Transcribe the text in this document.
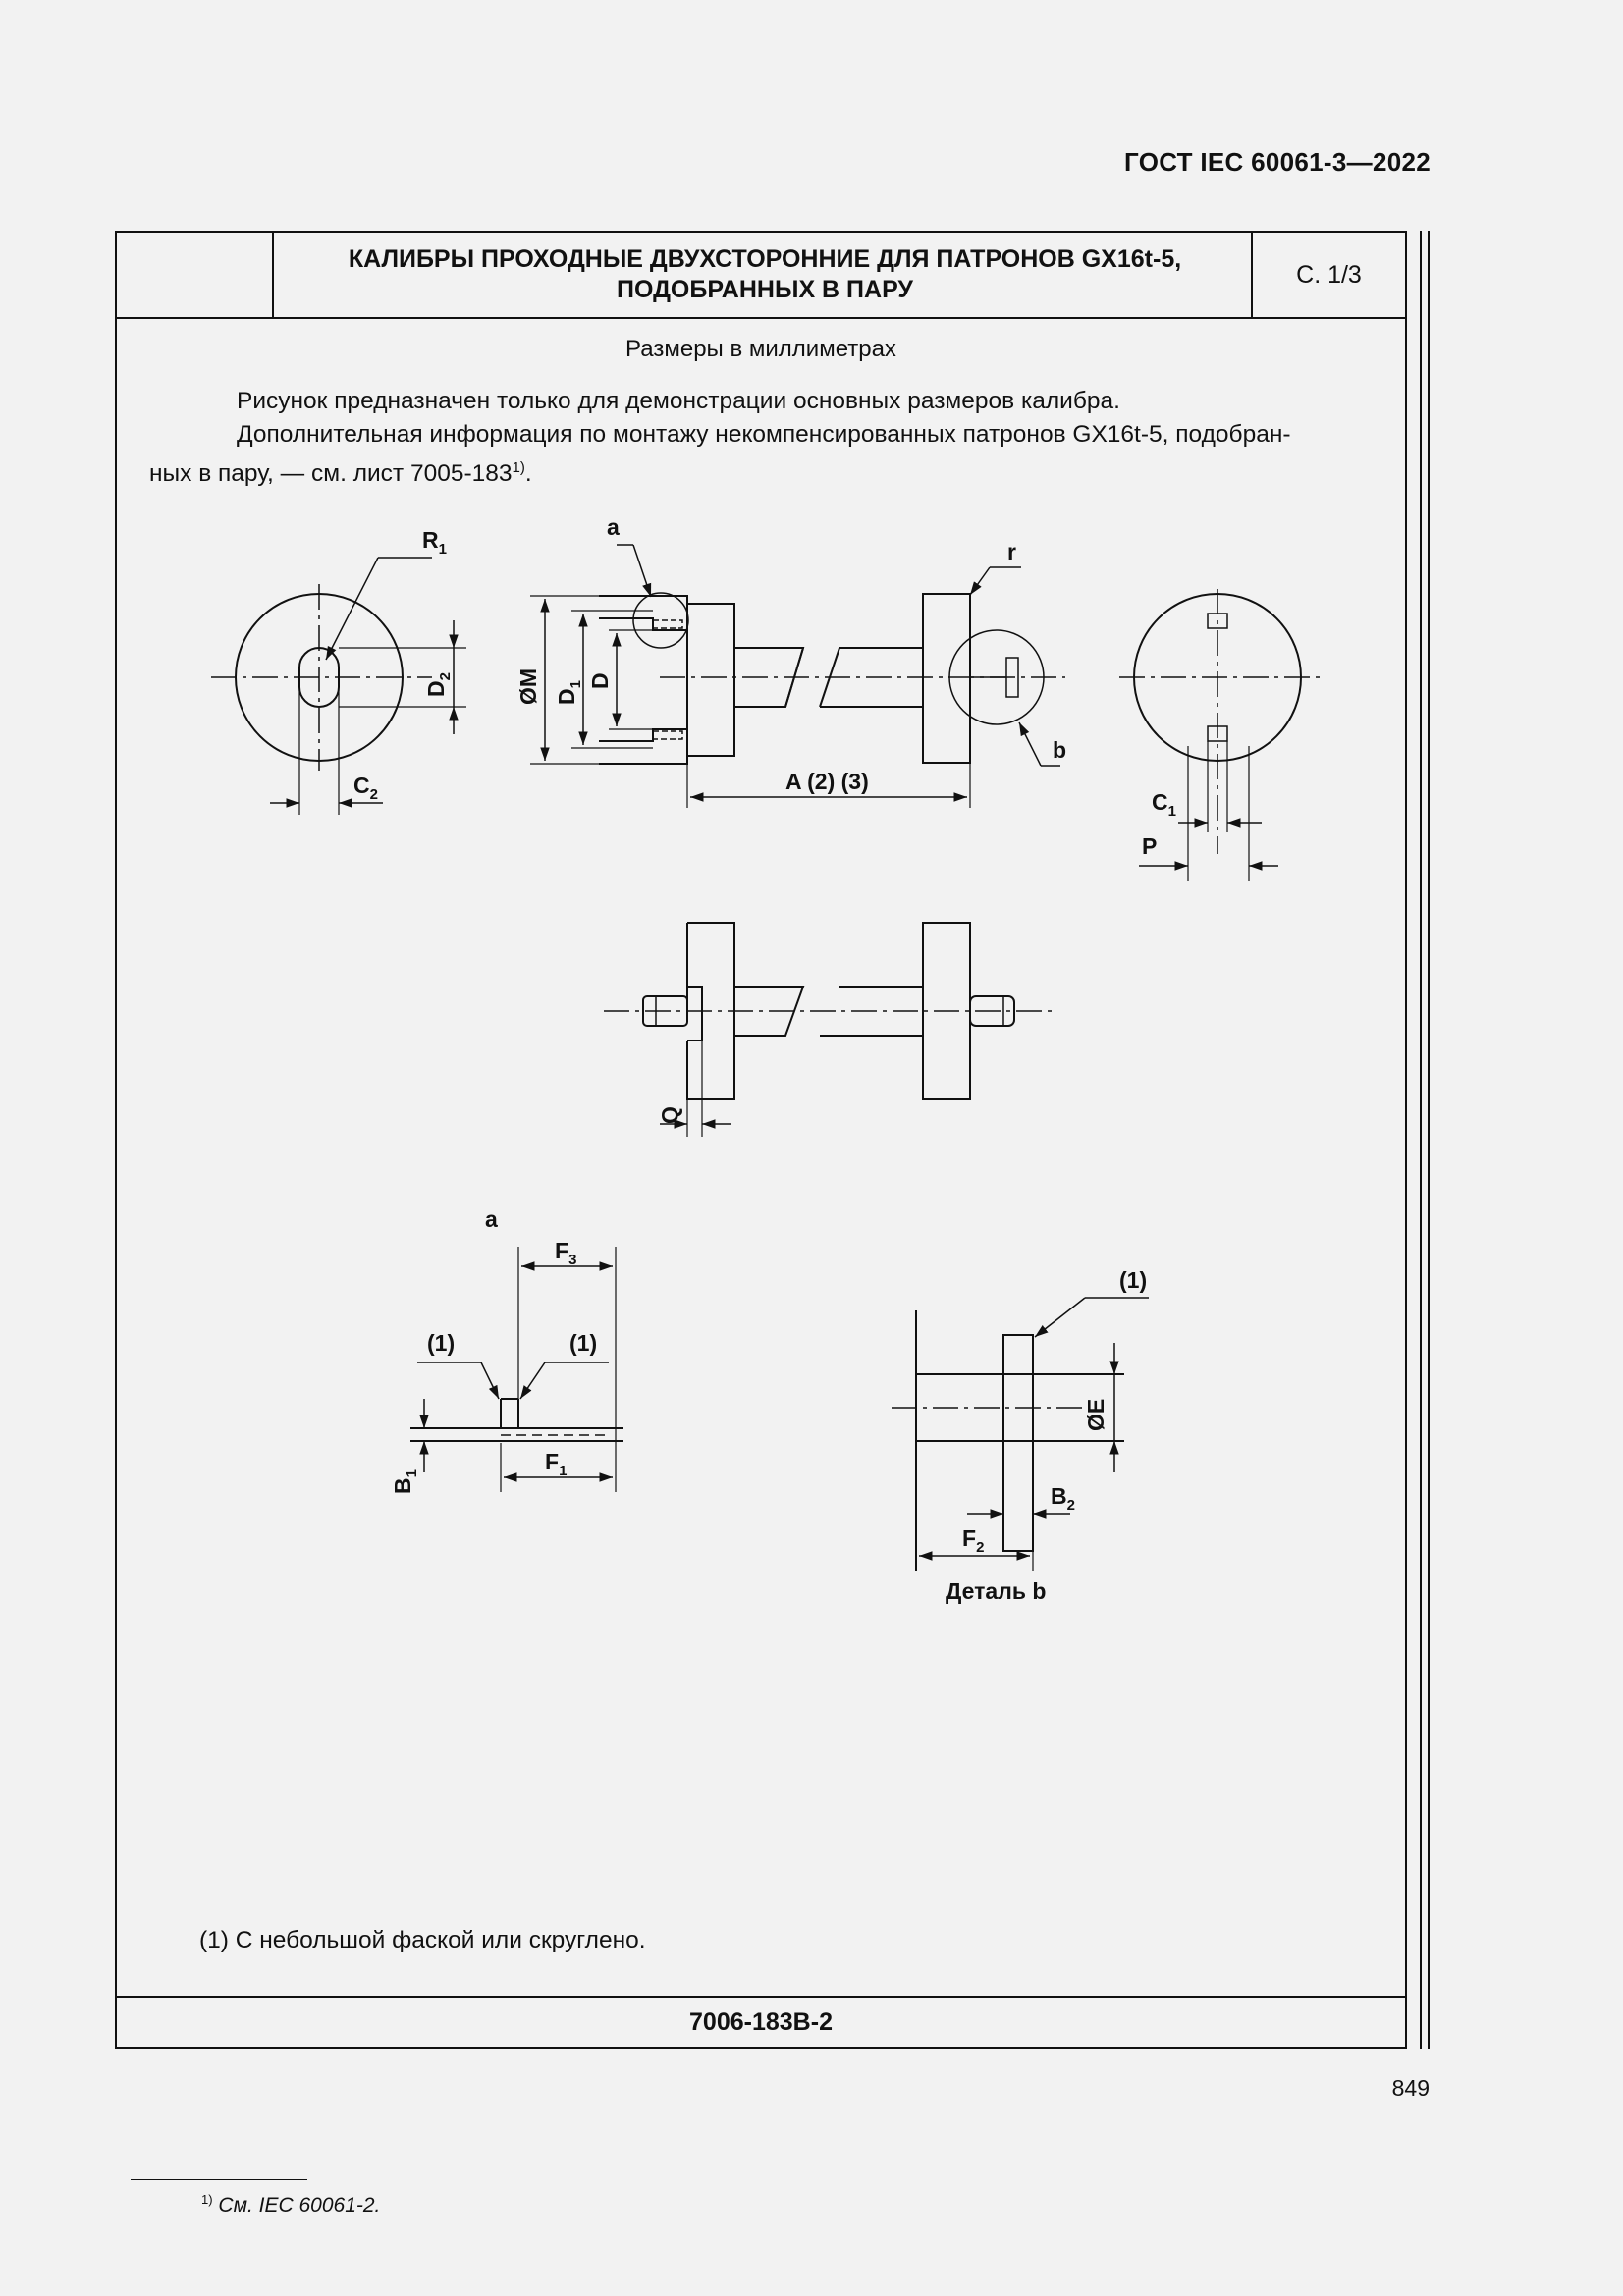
ГОСТ IEC 60061-3—2022
КАЛИБРЫ ПРОХОДНЫЕ ДВУХСТОРОННИЕ ДЛЯ ПАТРОНОВ GX16t-5,
ПОДОБРАННЫХ В ПАРУ
С. 1/3
Размеры в миллиметрах
Рисунок предназначен только для демонстрации основных размеров калибра.
Дополнительная информация по монтажу некомпенсированных патронов GX16t-5, подобран-
ных в пару, — см. лист 7005-183$^{1)}$.
(1) С небольшой фаской или скруглено.
$^{1)}$ См. IEC 60061-2.
7006-183B-2
$R_1$
$D_2$
$C_2$
a
ØM $D_1$ D
r
b
A (2) (3)
$C_1$
P
Q
a
$F_3$
(1)	(1)
$B_1$	$F_1$
(1)
ØE
$B_2$
$F_2$
Деталь b
849
